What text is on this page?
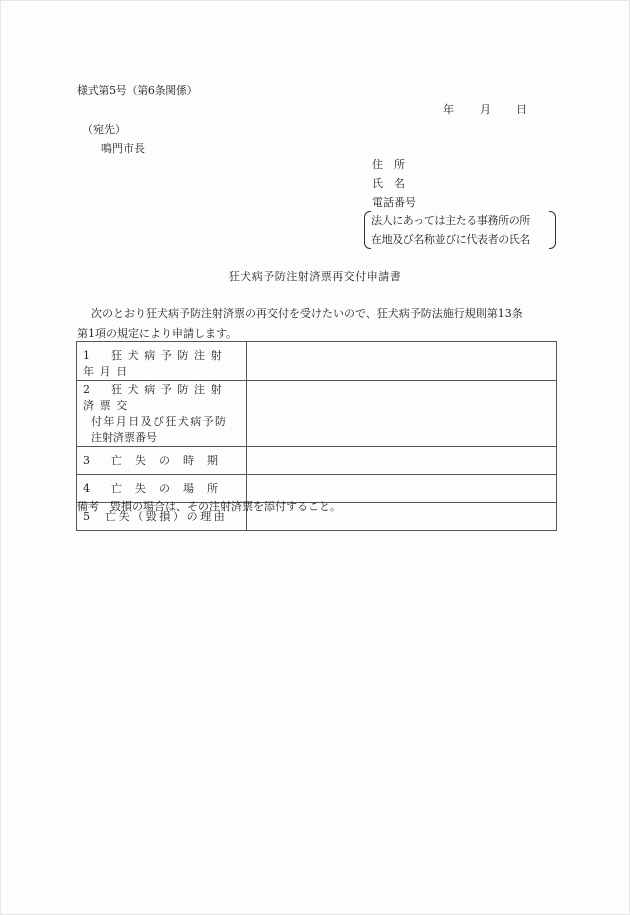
様式第5号（第6条関係）
年 月 日
（宛先）
鳴門市長
住　所
氏　名
電話番号
法人にあっては主たる事務所の所
在地及び名称並びに代表者の氏名
狂犬病予防注射済票再交付申請書
次のとおり狂犬病予防注射済票の再交付を受けたいので、狂犬病予防法施行規則第13条
第1項の規定により申請します。
1 狂犬病予防注射年月日	

2 狂犬病予防注射済票交
付年月日及び狂犬病予防
注射済票番号	

3 亡失の時期	
4 亡失の場所	
5 亡失（毀損）の理由	
備考　毀損の場合は、その注射済票を添付すること。
